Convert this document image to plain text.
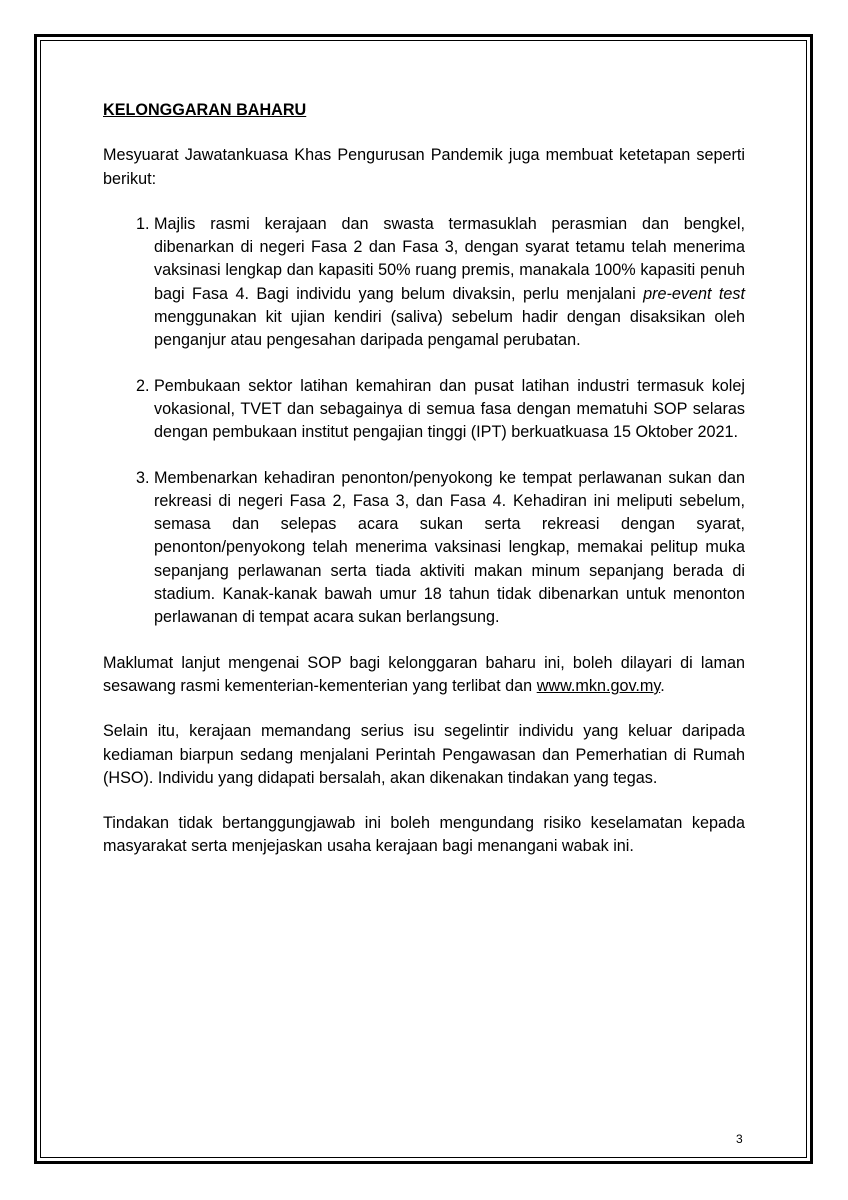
KELONGGARAN BAHARU

Mesyuarat Jawatankuasa Khas Pengurusan Pandemik juga membuat ketetapan seperti berikut:

1. Majlis rasmi kerajaan dan swasta termasuklah perasmian dan bengkel, dibenarkan di negeri Fasa 2 dan Fasa 3, dengan syarat tetamu telah menerima vaksinasi lengkap dan kapasiti 50% ruang premis, manakala 100% kapasiti penuh bagi Fasa 4. Bagi individu yang belum divaksin, perlu menjalani pre-event test menggunakan kit ujian kendiri (saliva) sebelum hadir dengan disaksikan oleh penganjur atau pengesahan daripada pengamal perubatan.
2. Pembukaan sektor latihan kemahiran dan pusat latihan industri termasuk kolej vokasional, TVET dan sebagainya di semua fasa dengan mematuhi SOP selaras dengan pembukaan institut pengajian tinggi (IPT) berkuatkuasa 15 Oktober 2021.
3. Membenarkan kehadiran penonton/penyokong ke tempat perlawanan sukan dan rekreasi di negeri Fasa 2, Fasa 3, dan Fasa 4. Kehadiran ini meliputi sebelum, semasa dan selepas acara sukan serta rekreasi dengan syarat, penonton/penyokong telah menerima vaksinasi lengkap, memakai pelitup muka sepanjang perlawanan serta tiada aktiviti makan minum sepanjang berada di stadium. Kanak-kanak bawah umur 18 tahun tidak dibenarkan untuk menonton perlawanan di tempat acara sukan berlangsung.

Maklumat lanjut mengenai SOP bagi kelonggaran baharu ini, boleh dilayari di laman sesawang rasmi kementerian-kementerian yang terlibat dan www.mkn.gov.my.

Selain itu, kerajaan memandang serius isu segelintir individu yang keluar daripada kediaman biarpun sedang menjalani Perintah Pengawasan dan Pemerhatian di Rumah (HSO). Individu yang didapati bersalah, akan dikenakan tindakan yang tegas.

Tindakan tidak bertanggungjawab ini boleh mengundang risiko keselamatan kepada masyarakat serta menjejaskan usaha kerajaan bagi menangani wabak ini.

3
